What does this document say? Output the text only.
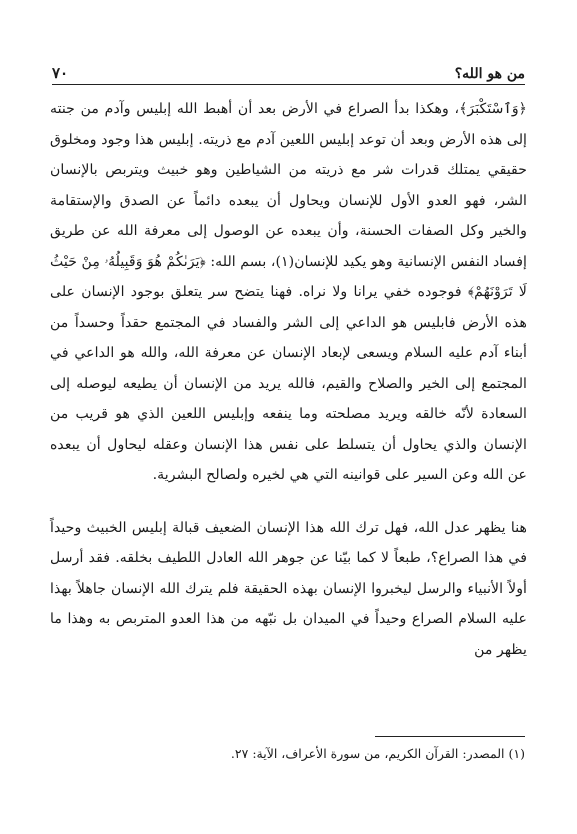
٧٠	من هو الله؟

﴿وَٱسْتَكْبَرَ﴾، وهكذا بدأ الصراع في الأرض بعد أن أهبط الله إبليس وآدم من جنته إلى هذه الأرض وبعد أن توعد إبليس اللعين آدم مع ذريته. إبليس هذا وجود ومخلوق حقيقي يمتلك قدرات شر مع ذريته من الشياطين وهو خبيث ويتربص بالإنسان الشر، فهو العدو الأول للإنسان ويحاول أن يبعده دائماً عن الصدق والإستقامة والخير وكل الصفات الحسنة، وأن يبعده عن الوصول إلى معرفة الله عن طريق إفساد النفس الإنسانية وهو يكيد للإنسان(١)، بسم الله: ﴿يَرَىٰكُمْ هُوَ وَقَبِيلُهُۥ مِنْ حَيْثُ لَا تَرَوْنَهُمْ﴾ فوجوده خفي يرانا ولا نراه. فهنا يتضح سر يتعلق بوجود الإنسان على هذه الأرض فابليس هو الداعي إلى الشر والفساد في المجتمع حقداً وحسداً من أبناء آدم عليه السلام ويسعى لإبعاد الإنسان عن معرفة الله، والله هو الداعي في المجتمع إلى الخير والصلاح والقيم، فالله يريد من الإنسان أن يطيعه ليوصله إلى السعادة لأنّه خالقه ويريد مصلحته وما ينفعه وإبليس اللعين الذي هو قريب من الإنسان والذي يحاول أن يتسلط على نفس هذا الإنسان وعقله ليحاول أن يبعده عن الله وعن السير على قوانينه التي هي لخيره ولصالح البشرية.

هنا يظهر عدل الله، فهل ترك الله هذا الإنسان الضعيف قبالة إبليس الخبيث وحيداً في هذا الصراع؟، طبعاً لا كما بيّنا عن جوهر الله العادل اللطيف بخلقه. فقد أرسل أولاً الأنبياء والرسل ليخبروا الإنسان بهذه الحقيقة فلم يترك الله الإنسان جاهلاً بهذا عليه السلام الصراع وحيداً في الميدان بل نبّهه من هذا العدو المتربص به وهذا ما يظهر من

(١) المصدر: القرآن الكريم، من سورة الأعراف، الآية: ٢٧.
